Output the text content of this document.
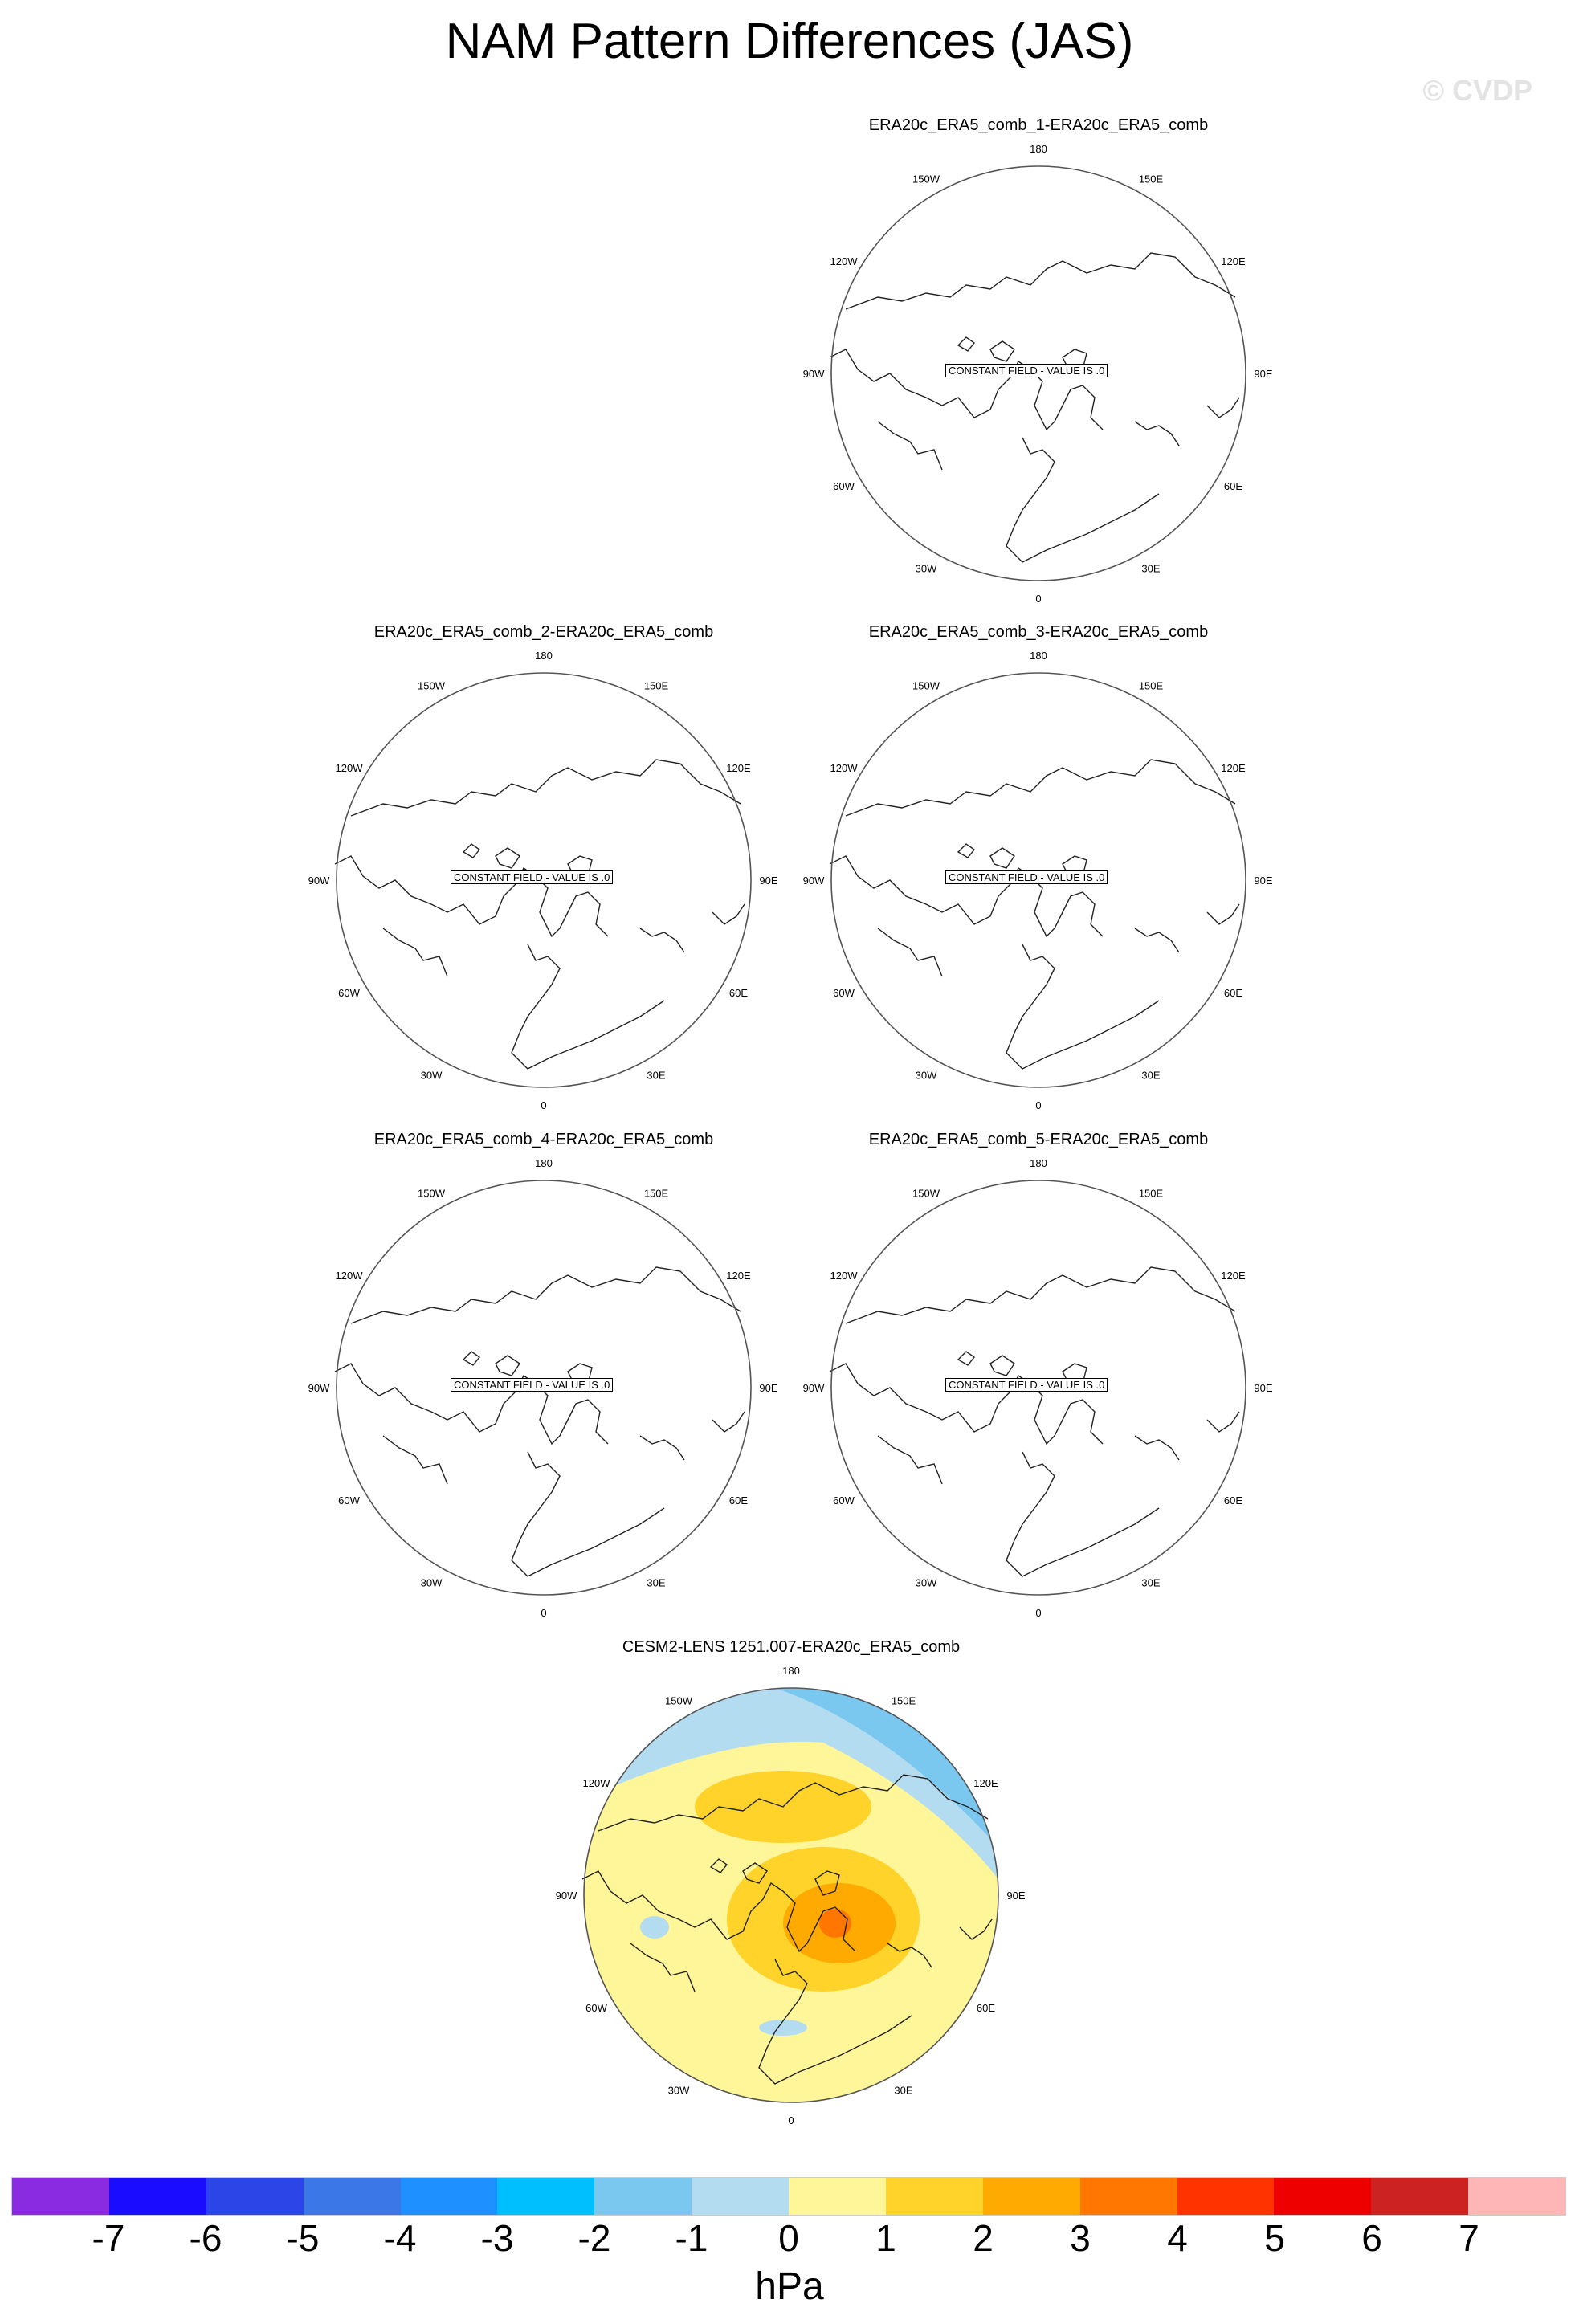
NAM Pattern Differences (JAS)
© CVDP
ERA20c_ERA5_comb_1-ERA20c_ERA5_comb
180
150E
120E
90E
60E
30E
0
30W
60W
90W
120W
150W
CONSTANT FIELD - VALUE IS .0
ERA20c_ERA5_comb_2-ERA20c_ERA5_comb
180
150E
120E
90E
60E
30E
0
30W
60W
90W
120W
150W
CONSTANT FIELD - VALUE IS .0
ERA20c_ERA5_comb_3-ERA20c_ERA5_comb
180
150E
120E
90E
60E
30E
0
30W
60W
90W
120W
150W
CONSTANT FIELD - VALUE IS .0
ERA20c_ERA5_comb_4-ERA20c_ERA5_comb
180
150E
120E
90E
60E
30E
0
30W
60W
90W
120W
150W
CONSTANT FIELD - VALUE IS .0
ERA20c_ERA5_comb_5-ERA20c_ERA5_comb
180
150E
120E
90E
60E
30E
0
30W
60W
90W
120W
150W
CONSTANT FIELD - VALUE IS .0
CESM2-LENS 1251.007-ERA20c_ERA5_comb
180
150E
120E
90E
60E
30E
0
30W
60W
90W
120W
150W
-7 -6 -5 -4 -3 -2 -1 0 1 2 3 4 5 6 7
hPa
